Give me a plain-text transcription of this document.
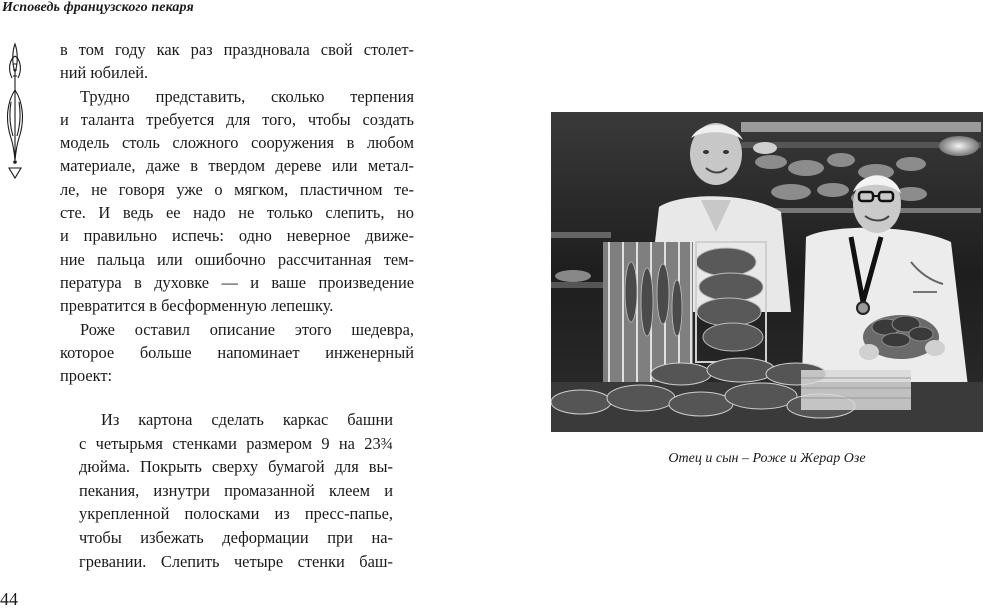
Исповедь французского пекаря

в том году как раз праздновала свой столет-

ний юбилей.

Трудно представить, сколько терпения

и таланта требуется для того, чтобы создать

модель столь сложного сооружения в любом

материале, даже в твердом дереве или метал-

ле, не говоря уже о мягком, пластичном те-

сте. И ведь ее надо не только слепить, но

и правильно испечь: одно неверное движе-

ние пальца или ошибочно рассчитанная тем-

пература в духовке — и ваше произведение

превратится в бесформенную лепешку.

Роже оставил описание этого шедевра,

которое больше напоминает инженерный

проект:

Из картона сделать каркас башни

с четырьмя стенками размером 9 на 23¾

дюйма. Покрыть сверху бумагой для вы-

пекания, изнутри промазанной клеем и

укрепленной полосками из пресс-папье,

чтобы избежать деформации при на-

гревании. Слепить четыре стенки баш-

Отец и сын – Роже и Жерар Озе
44
